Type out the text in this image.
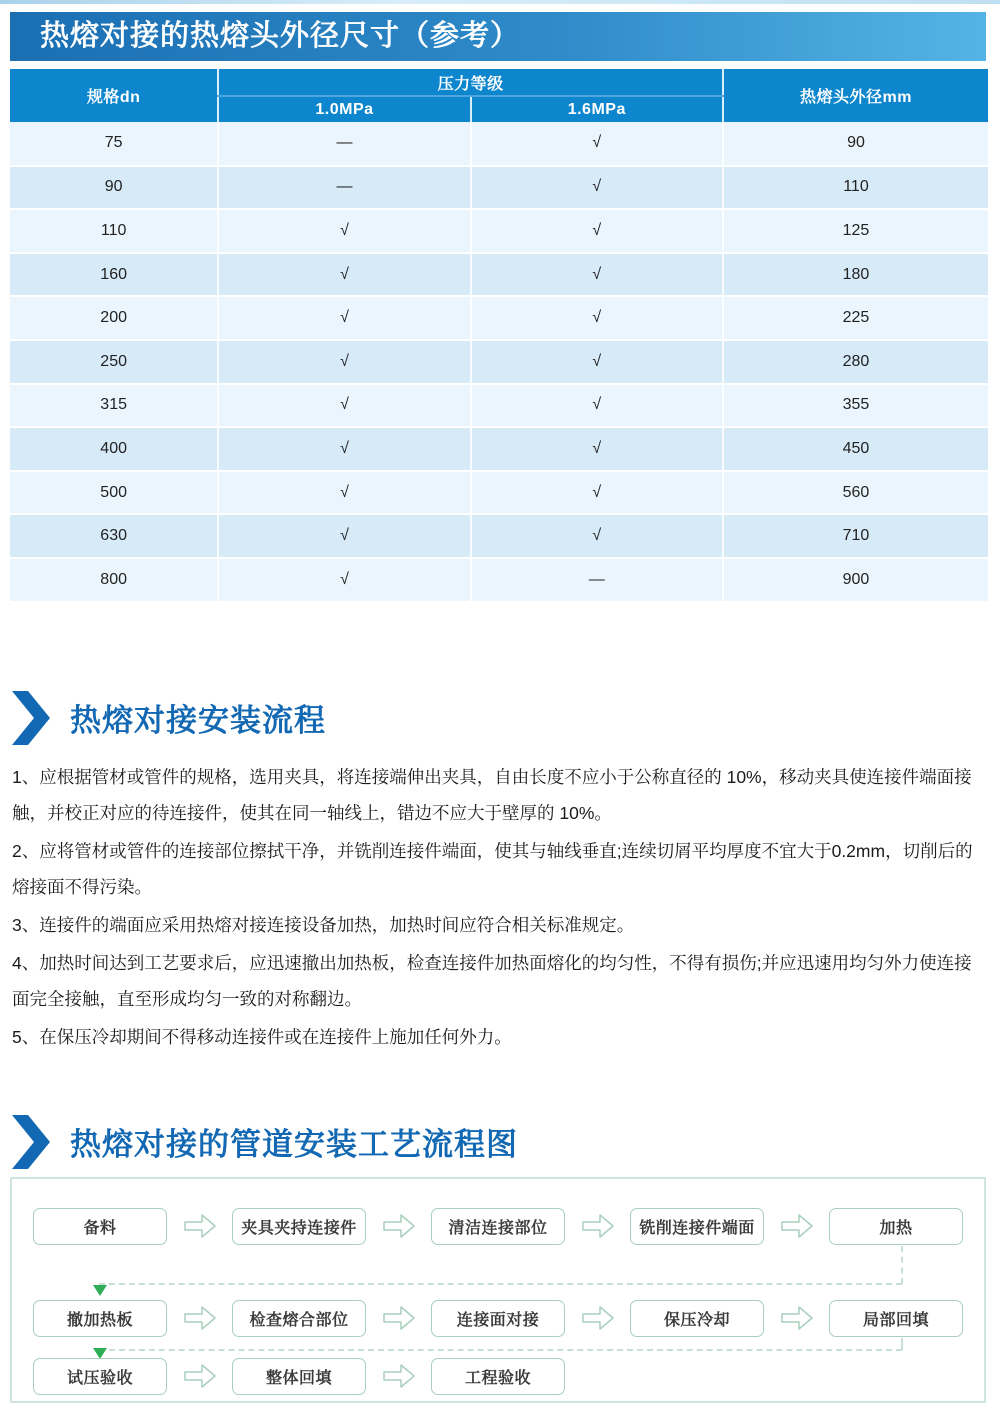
热熔对接的热熔头外径尺寸（参考）
规格dn	压力等级		热熔头外径mm
	1.0MPa	1.6MPa	
75	—	√	90
90	—	√	110
110	√	√	125
160	√	√	180
200	√	√	225
250	√	√	280
315	√	√	355
400	√	√	450
500	√	√	560
630	√	√	710
800	√	—	900
热熔对接安装流程

1、应根据管材或管件的规格，选用夹具，将连接端伸出夹具，自由长度不应小于公称直径的 10%，移动夹具使连接件端面接触，并校正对应的待连接件，使其在同一轴线上，错边不应大于壁厚的 10%。

2、应将管材或管件的连接部位擦拭干净，并铣削连接件端面，使其与轴线垂直;连续切屑平均厚度不宜大于0.2mm，切削后的熔接面不得污染。

3、连接件的端面应采用热熔对接连接设备加热，加热时间应符合相关标准规定。

4、加热时间达到工艺要求后，应迅速撤出加热板，检查连接件加热面熔化的均匀性，不得有损伤;并应迅速用均匀外力使连接面完全接触，直至形成均匀一致的对称翻边。

5、在保压冷却期间不得移动连接件或在连接件上施加任何外力。

热熔对接的管道安装工艺流程图
备料	夹具夹持连接件	清洁连接部位	铣削连接件端面	加热
撤加热板	检查熔合部位	连接面对接	保压冷却	局部回填
试压验收	整体回填	工程验收
